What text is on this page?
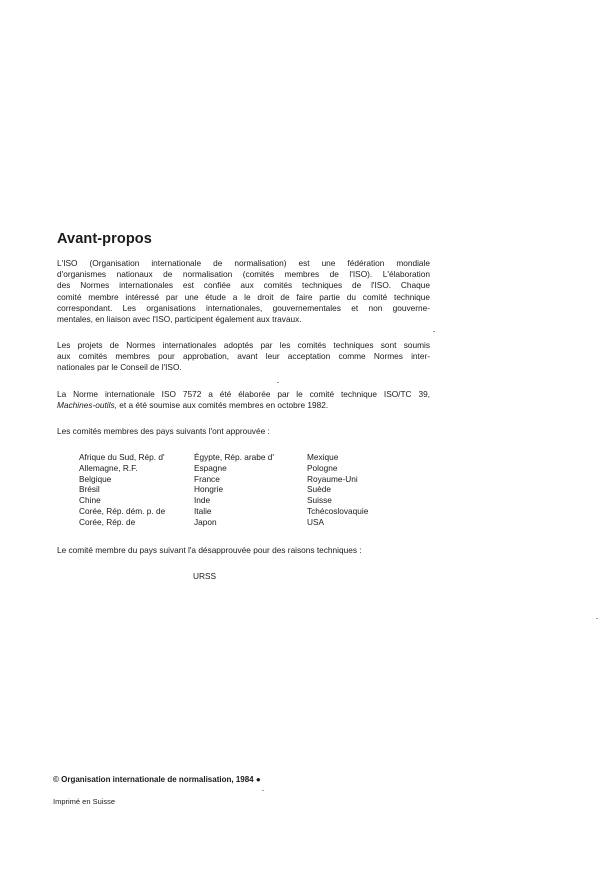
Avant-propos
L'ISO (Organisation internationale de normalisation) est une fédération mondiale
d'organismes nationaux de normalisation (comités membres de l'ISO). L'élaboration
des Normes internationales est confiée aux comités techniques de l'ISO. Chaque
comité membre intéressé par une étude a le droit de faire partie du comité technique
correspondant. Les organisations internationales, gouvernementales et non gouverne-
mentales, en liaison avec l'ISO, participent également aux travaux.
Les projets de Normes internationales adoptés par les comités techniques sont soumis
aux comités membres pour approbation, avant leur acceptation comme Normes inter-
nationales par le Conseil de l'ISO.
La Norme internationale ISO 7572 a été élaborée par le comité technique ISO/TC 39,
Machines-outils, et a été soumise aux comités membres en octobre 1982.

Les comités membres des pays suivants l'ont approuvée :

Afrique du Sud, Rép. d'
Allemagne, R.F.
Belgique
Brésil
Chine
Corée, Rép. dém. p. de
Corée, Rép. de
Égypte, Rép. arabe d'
Espagne
France
Hongrie
Inde
Italie
Japon
Mexique
Pologne
Royaume-Uni
Suède
Suisse
Tchécoslovaquie
USA

Le comité membre du pays suivant l'a désapprouvée pour des raisons techniques :

URSS
© Organisation internationale de normalisation, 1984 ●
Imprimé en Suisse
